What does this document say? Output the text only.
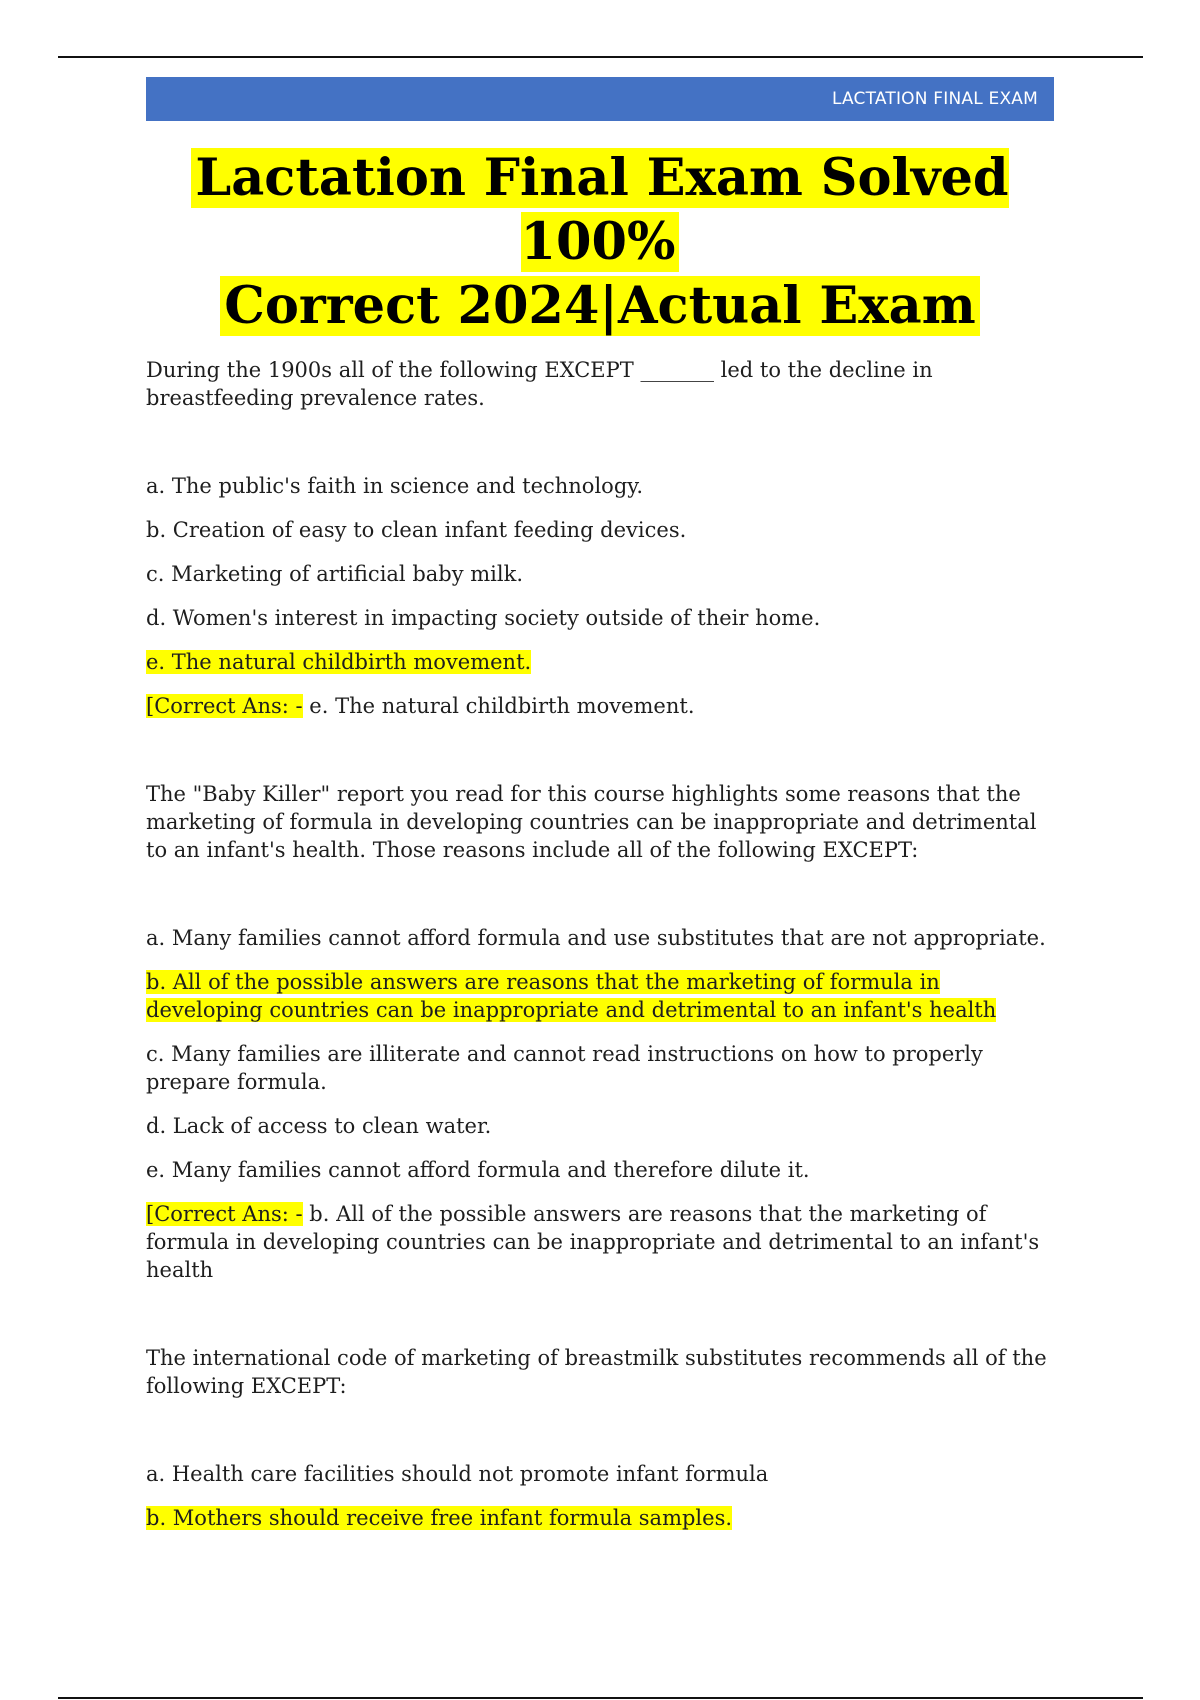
LACTATION FINAL EXAM
Lactation Final Exam Solved 100%
Correct 2024|Actual Exam

During the 1900s all of the following EXCEPT _______ led to the decline in breastfeeding prevalence rates.

a. The public's faith in science and technology.

b. Creation of easy to clean infant feeding devices.

c. Marketing of artificial baby milk.

d. Women's interest in impacting society outside of their home.

e. The natural childbirth movement.

[Correct Ans: - e. The natural childbirth movement.

The "Baby Killer" report you read for this course highlights some reasons that the marketing of formula in developing countries can be inappropriate and detrimental to an infant's health. Those reasons include all of the following EXCEPT:

a. Many families cannot afford formula and use substitutes that are not appropriate.

b. All of the possible answers are reasons that the marketing of formula in developing countries can be inappropriate and detrimental to an infant's health

c. Many families are illiterate and cannot read instructions on how to properly prepare formula.

d. Lack of access to clean water.

e. Many families cannot afford formula and therefore dilute it.

[Correct Ans: - b. All of the possible answers are reasons that the marketing of formula in developing countries can be inappropriate and detrimental to an infant's health

The international code of marketing of breastmilk substitutes recommends all of the following EXCEPT:

a. Health care facilities should not promote infant formula

b. Mothers should receive free infant formula samples.
